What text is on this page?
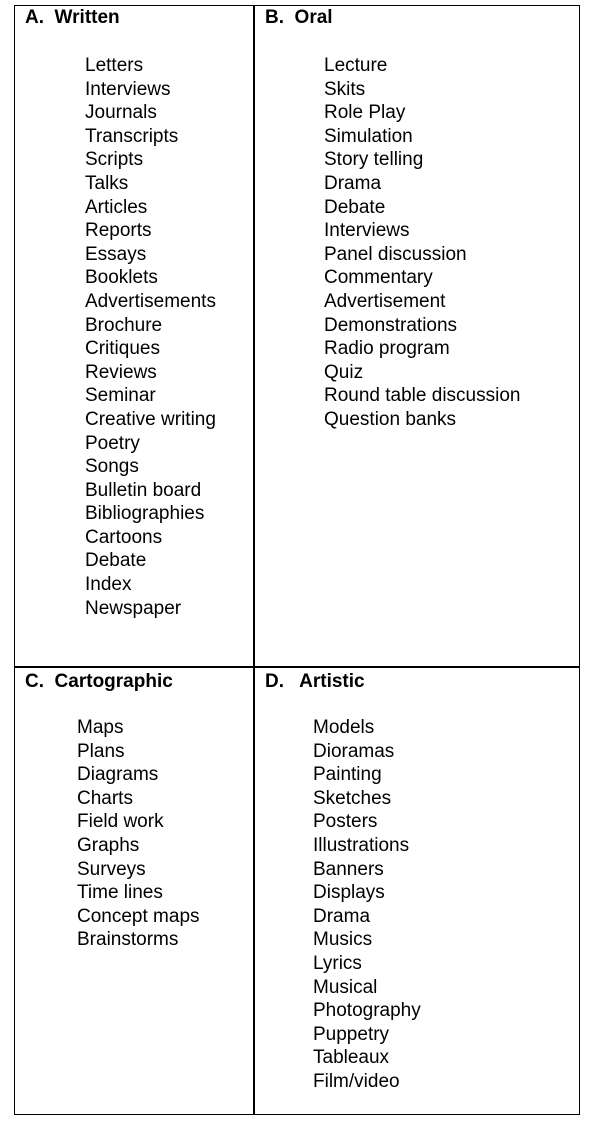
A.  Written
Letters
Interviews
Journals
Transcripts
Scripts
Talks
Articles
Reports
Essays
Booklets
Advertisements
Brochure
Critiques
Reviews
Seminar
Creative writing
Poetry
Songs
Bulletin board
Bibliographies
Cartoons
Debate
Index
Newspaper
B.  Oral
Lecture
Skits
Role Play
Simulation
Story telling
Drama
Debate
Interviews
Panel discussion
Commentary
Advertisement
Demonstrations
Radio program
Quiz
Round table discussion
Question banks
C.  Cartographic
Maps
Plans
Diagrams
Charts
Field work
Graphs
Surveys
Time lines
Concept maps
Brainstorms
D.   Artistic
Models
Dioramas
Painting
Sketches
Posters
Illustrations
Banners
Displays
Drama
Musics
Lyrics
Musical
Photography
Puppetry
Tableaux
Film/video
